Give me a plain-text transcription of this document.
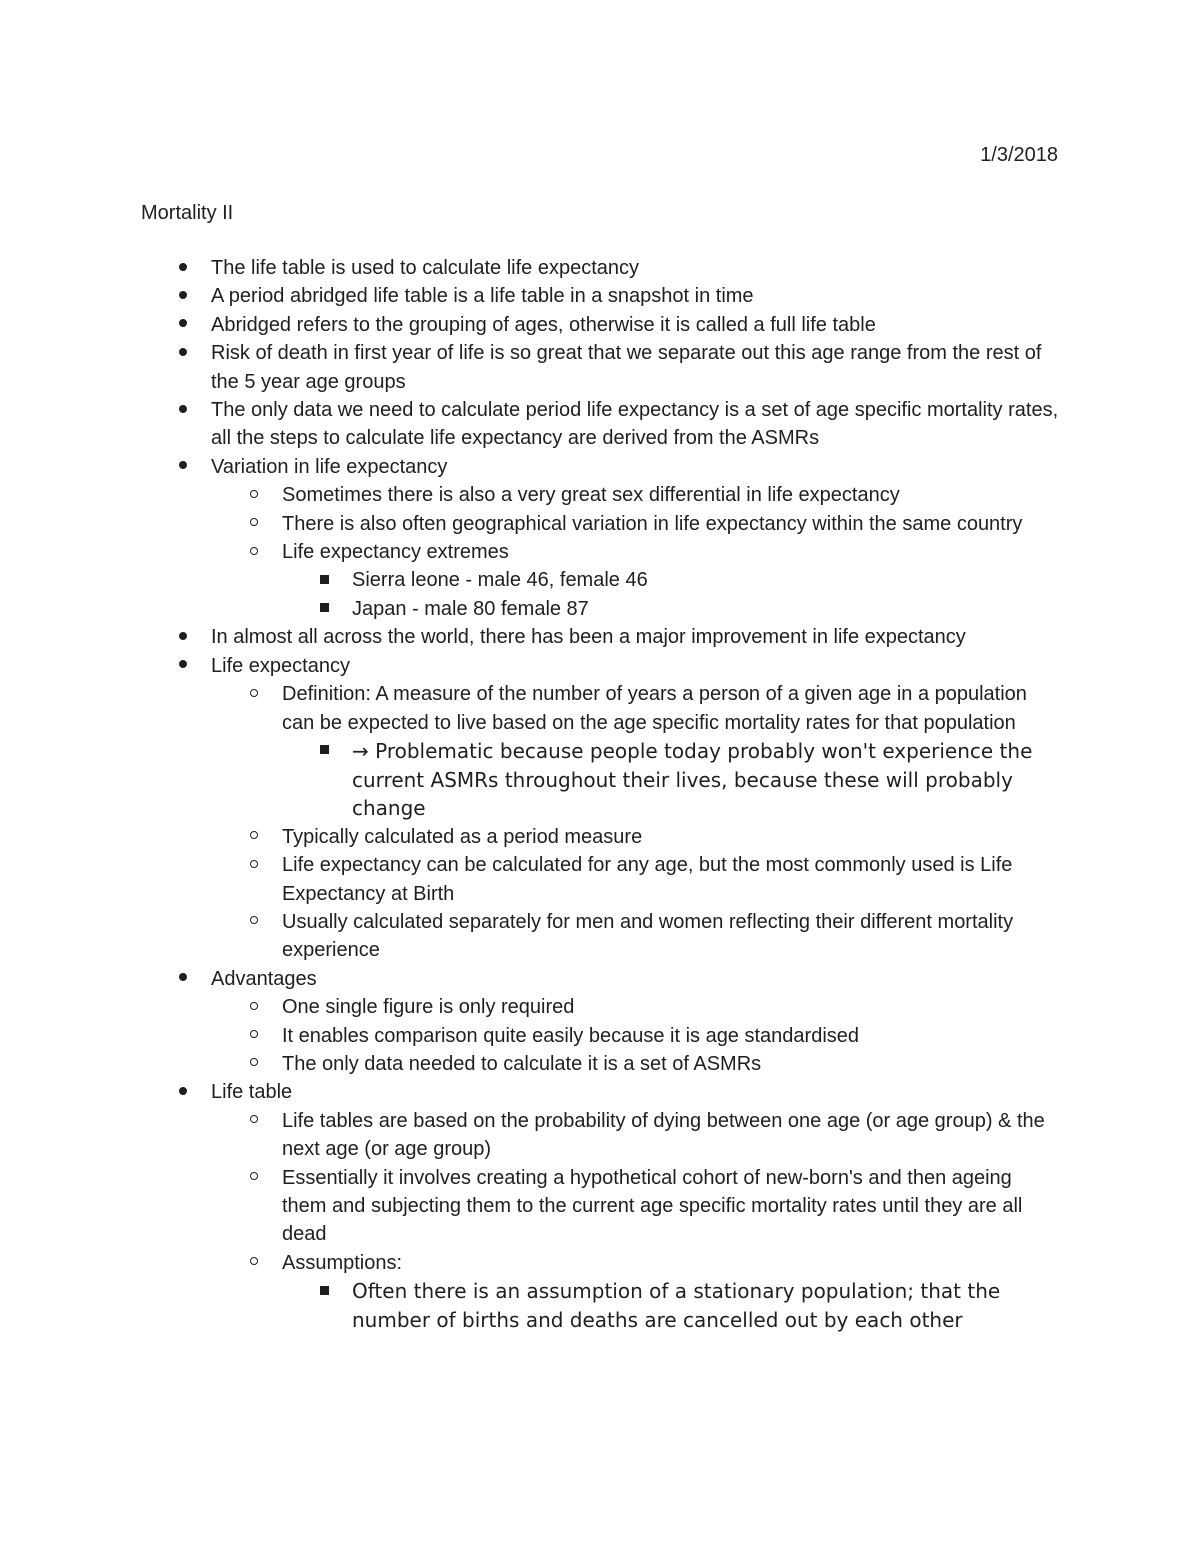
1/3/2018
Mortality II
The life table is used to calculate life expectancy
A period abridged life table is a life table in a snapshot in time
Abridged refers to the grouping of ages, otherwise it is called a full life table
Risk of death in first year of life is so great that we separate out this age range from the rest of the 5 year age groups
The only data we need to calculate period life expectancy is a set of age specific mortality rates, all the steps to calculate life expectancy are derived from the ASMRs
Variation in life expectancy
Sometimes there is also a very great sex differential in life expectancy
There is also often geographical variation in life expectancy within the same country
Life expectancy extremes
Sierra leone - male 46, female 46
Japan - male 80 female 87
In almost all across the world, there has been a major improvement in life expectancy
Life expectancy
Definition: A measure of the number of years a person of a given age in a population can be expected to live based on the age specific mortality rates for that population
→ Problematic because people today probably won't experience the current ASMRs throughout their lives, because these will probably change
Typically calculated as a period measure
Life expectancy can be calculated for any age, but the most commonly used is Life Expectancy at Birth
Usually calculated separately for men and women reflecting their different mortality experience
Advantages
One single figure is only required
It enables comparison quite easily because it is age standardised
The only data needed to calculate it is a set of ASMRs
Life table
Life tables are based on the probability of dying between one age (or age group) & the next age (or age group)
Essentially it involves creating a hypothetical cohort of new-born's and then ageing them and subjecting them to the current age specific mortality rates until they are all dead
Assumptions:
Often there is an assumption of a stationary population; that the number of births and deaths are cancelled out by each other
